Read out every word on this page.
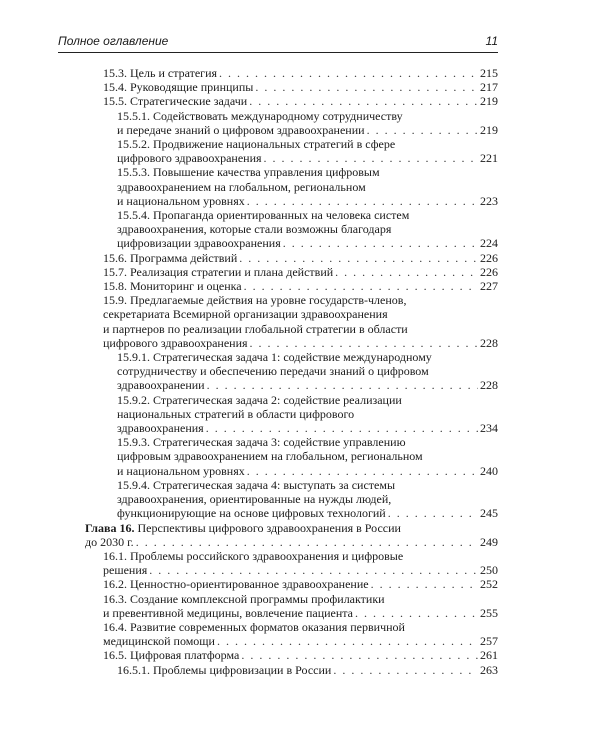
Полное оглавление	11
15.3. Цель и стратегия . . .	215
15.4. Руководящие принципы . . .	217
15.5. Стратегические задачи . . .	219
15.5.1. Содействовать международному сотрудничеству
и передаче знаний о цифровом здравоохранении . . .	219
15.5.2. Продвижение национальных стратегий в сфере
цифрового здравоохранения . . .	221
15.5.3. Повышение качества управления цифровым
здравоохранением на глобальном, региональном
и национальном уровнях . . .	223
15.5.4. Пропаганда ориентированных на человека систем
здравоохранения, которые стали возможны благодаря
цифровизации здравоохранения . . .	224
15.6. Программа действий . . .	226
15.7. Реализация стратегии и плана действий . . .	226
15.8. Мониторинг и оценка . . .	227
15.9. Предлагаемые действия на уровне государств-членов,
секретариата Всемирной организации здравоохранения
и партнеров по реализации глобальной стратегии в области
цифрового здравоохранения . . .	228
15.9.1. Стратегическая задача 1: содействие международному
сотрудничеству и обеспечению передачи знаний о цифровом
здравоохранении . . .	228
15.9.2. Стратегическая задача 2: содействие реализации
национальных стратегий в области цифрового
здравоохранения . . .	234
15.9.3. Стратегическая задача 3: содействие управлению
цифровым здравоохранением на глобальном, региональном
и национальном уровнях . . .	240
15.9.4. Стратегическая задача 4: выступать за системы
здравоохранения, ориентированные на нужды людей,
функционирующие на основе цифровых технологий . . .	245
Глава 16. Перспективы цифрового здравоохранения в России
до 2030 г. . . .	249
16.1. Проблемы российского здравоохранения и цифровые
решения . . .	250
16.2. Ценностно-ориентированное здравоохранение . . .	252
16.3. Создание комплексной программы профилактики
и превентивной медицины, вовлечение пациента . . .	255
16.4. Развитие современных форматов оказания первичной
медицинской помощи . . .	257
16.5. Цифровая платформа . . .	261
16.5.1. Проблемы цифровизации в России . . .	263
